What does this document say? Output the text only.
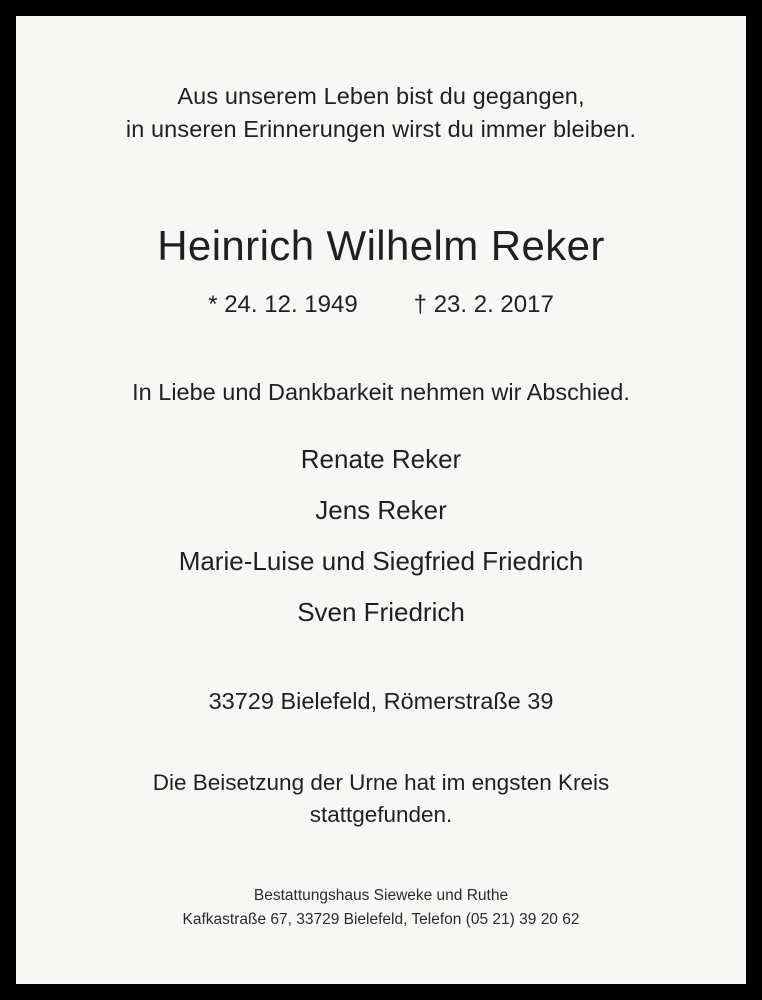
Aus unserem Leben bist du gegangen,
in unseren Erinnerungen wirst du immer bleiben.
Heinrich Wilhelm Reker
* 24. 12. 1949 † 23. 2. 2017
In Liebe und Dankbarkeit nehmen wir Abschied.
Renate Reker
Jens Reker
Marie-Luise und Siegfried Friedrich
Sven Friedrich
33729 Bielefeld, Römerstraße 39
Die Beisetzung der Urne hat im engsten Kreis
stattgefunden.
Bestattungshaus Sieweke und Ruthe
Kafkastraße 67, 33729 Bielefeld, Telefon (05 21) 39 20 62
